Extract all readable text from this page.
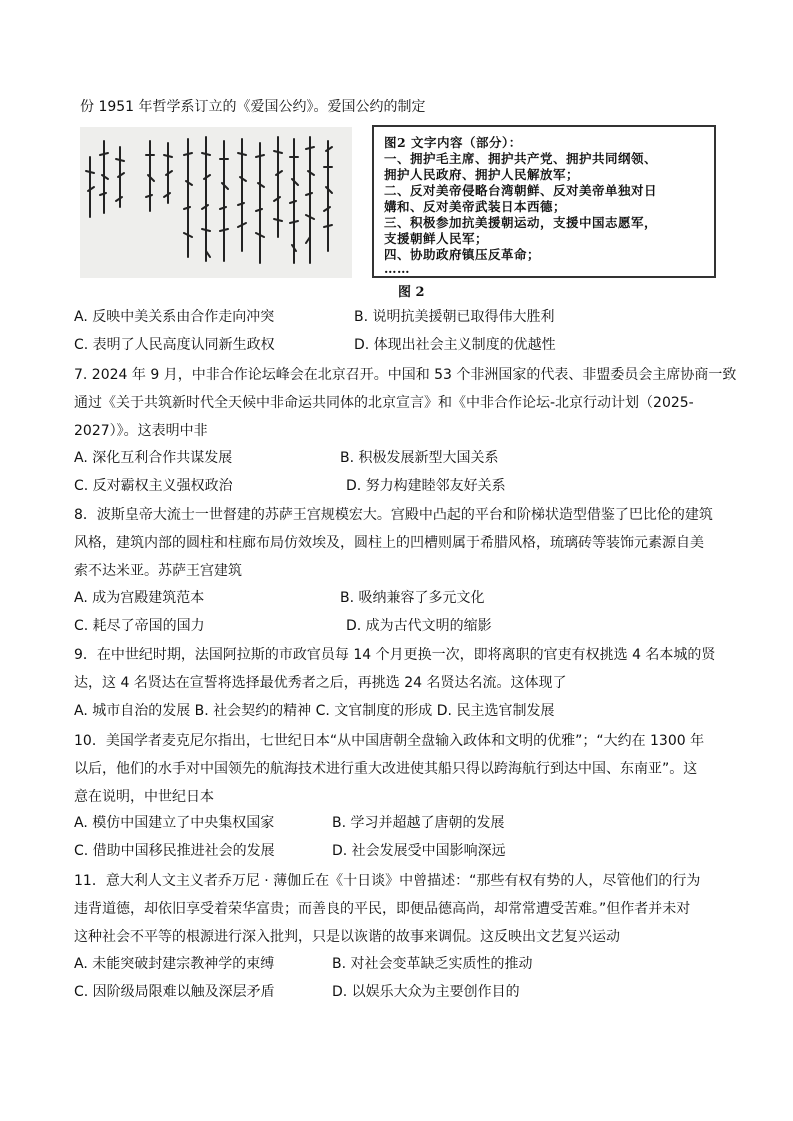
份 1951 年哲学系订立的《爱国公约》。爱国公约的制定
图2 文字内容（部分）：
一、拥护毛主席、拥护共产党、拥护共同纲领、
拥护人民政府、拥护人民解放军；
二、反对美帝侵略台湾朝鲜、反对美帝单独对日
媾和、反对美帝武装日本西德；
三、积极参加抗美援朝运动，支援中国志愿军，
支援朝鲜人民军；
四、协助政府镇压反革命；
……
图 2
A. 反映中美关系由合作走向冲突	B. 说明抗美援朝已取得伟大胜利
C. 表明了人民高度认同新生政权	D. 体现出社会主义制度的优越性
7. 2024 年 9 月，中非合作论坛峰会在北京召开。中国和 53 个非洲国家的代表、非盟委员会主席协商一致
通过《关于共筑新时代全天候中非命运共同体的北京宣言》和《中非合作论坛-北京行动计划（2025-
2027）》。这表明中非
A. 深化互利合作共谋发展	B. 积极发展新型大国关系
C. 反对霸权主义强权政治	D. 努力构建睦邻友好关系
8．波斯皇帝大流士一世督建的苏萨王宫规模宏大。宫殿中凸起的平台和阶梯状造型借鉴了巴比伦的建筑
风格，建筑内部的圆柱和柱廊布局仿效埃及，圆柱上的凹槽则属于希腊风格，琉璃砖等装饰元素源自美
索不达米亚。苏萨王宫建筑
A. 成为宫殿建筑范本	B. 吸纳兼容了多元文化
C. 耗尽了帝国的国力	D. 成为古代文明的缩影
9．在中世纪时期，法国阿拉斯的市政官员每 14 个月更换一次，即将离职的官吏有权挑选 4 名本城的贤
达，这 4 名贤达在宣誓将选择最优秀者之后，再挑选 24 名贤达名流。这体现了
A. 城市自治的发展 B. 社会契约的精神 C. 文官制度的形成 D. 民主选官制发展
10．美国学者麦克尼尔指出，七世纪日本“从中国唐朝全盘输入政体和文明的优雅”；“大约在 1300 年
以后，他们的水手对中国领先的航海技术进行重大改进使其船只得以跨海航行到达中国、东南亚”。这
意在说明，中世纪日本
A. 模仿中国建立了中央集权国家	B. 学习并超越了唐朝的发展
C. 借助中国移民推进社会的发展	D. 社会发展受中国影响深远
11．意大利人文主义者乔万尼 · 薄伽丘在《十日谈》中曾描述：“那些有权有势的人，尽管他们的行为
违背道德，却依旧享受着荣华富贵；而善良的平民，即便品德高尚，却常常遭受苦难。”但作者并未对
这种社会不平等的根源进行深入批判，只是以诙谐的故事来调侃。这反映出文艺复兴运动
A. 未能突破封建宗教神学的束缚	B. 对社会变革缺乏实质性的推动
C. 因阶级局限难以触及深层矛盾	D. 以娱乐大众为主要创作目的
